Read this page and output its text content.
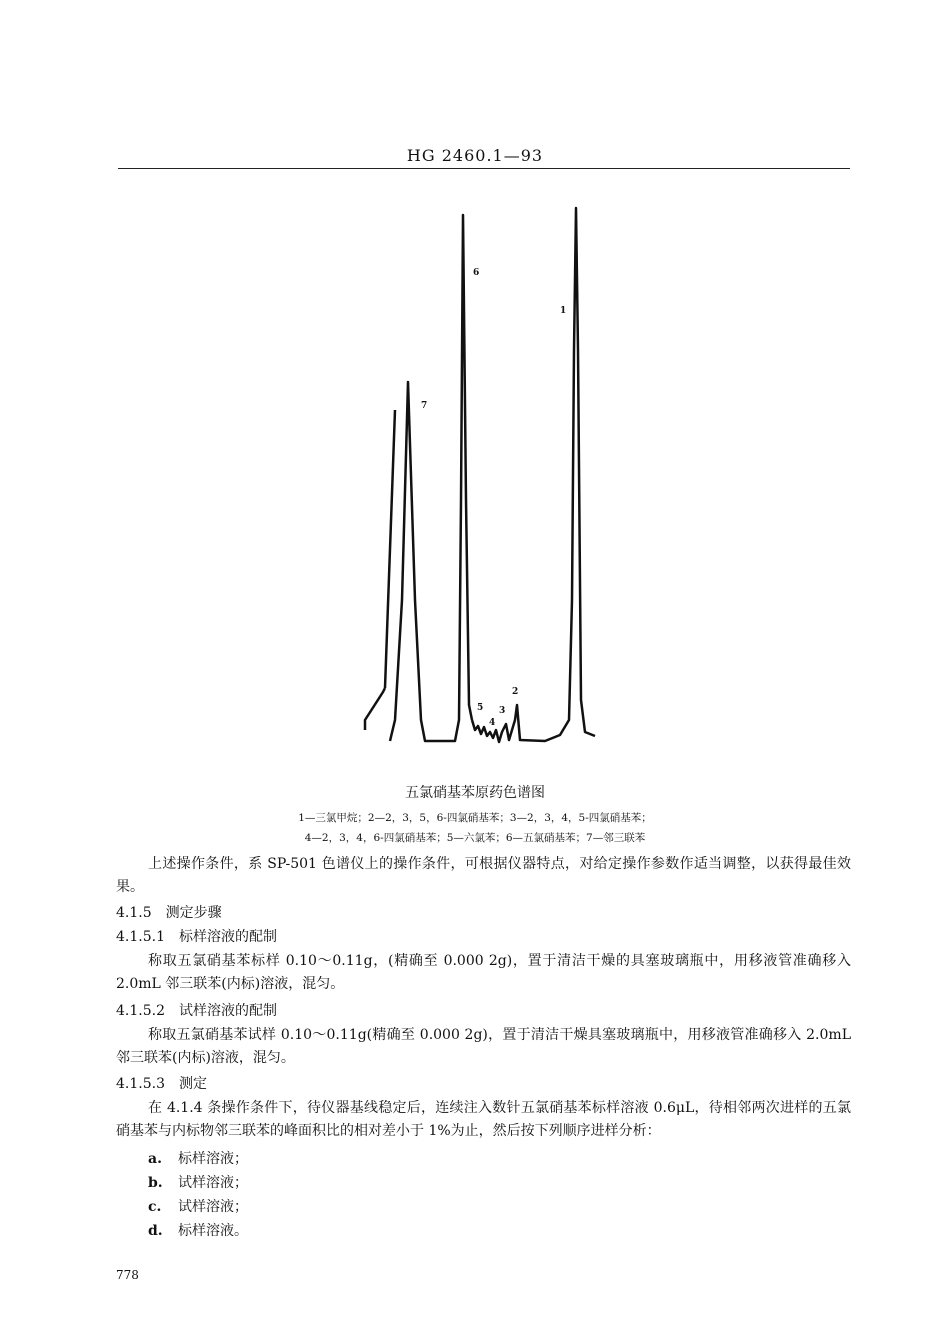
HG 2460.1—93
1
2
3
4
5
6
7
五氯硝基苯原药色谱图
1—三氯甲烷；2—2，3，5，6-四氯硝基苯；3—2，3，4，5-四氯硝基苯；
4—2，3，4，6-四氯硝基苯；5—六氯苯；6—五氯硝基苯；7—邻三联苯
上述操作条件，系 SP-501 色谱仪上的操作条件，可根据仪器特点，对给定操作参数作适当调整，以获得最佳效果。
4.1.5　测定步骤
4.1.5.1　标样溶液的配制
称取五氯硝基苯标样 0.10～0.11g，(精确至 0.000 2g)，置于清洁干燥的具塞玻璃瓶中，用移液管准确移入 2.0mL 邻三联苯(内标)溶液，混匀。
4.1.5.2　试样溶液的配制
称取五氯硝基苯试样 0.10～0.11g(精确至 0.000 2g)，置于清洁干燥具塞玻璃瓶中，用移液管准确移入 2.0mL 邻三联苯(内标)溶液，混匀。
4.1.5.3　测定
在 4.1.4 条操作条件下，待仪器基线稳定后，连续注入数针五氯硝基苯标样溶液 0.6μL，待相邻两次进样的五氯硝基苯与内标物邻三联苯的峰面积比的相对差小于 1%为止，然后按下列顺序进样分析：
a. 标样溶液；
b. 试样溶液；
c. 试样溶液；
d. 标样溶液。
778
